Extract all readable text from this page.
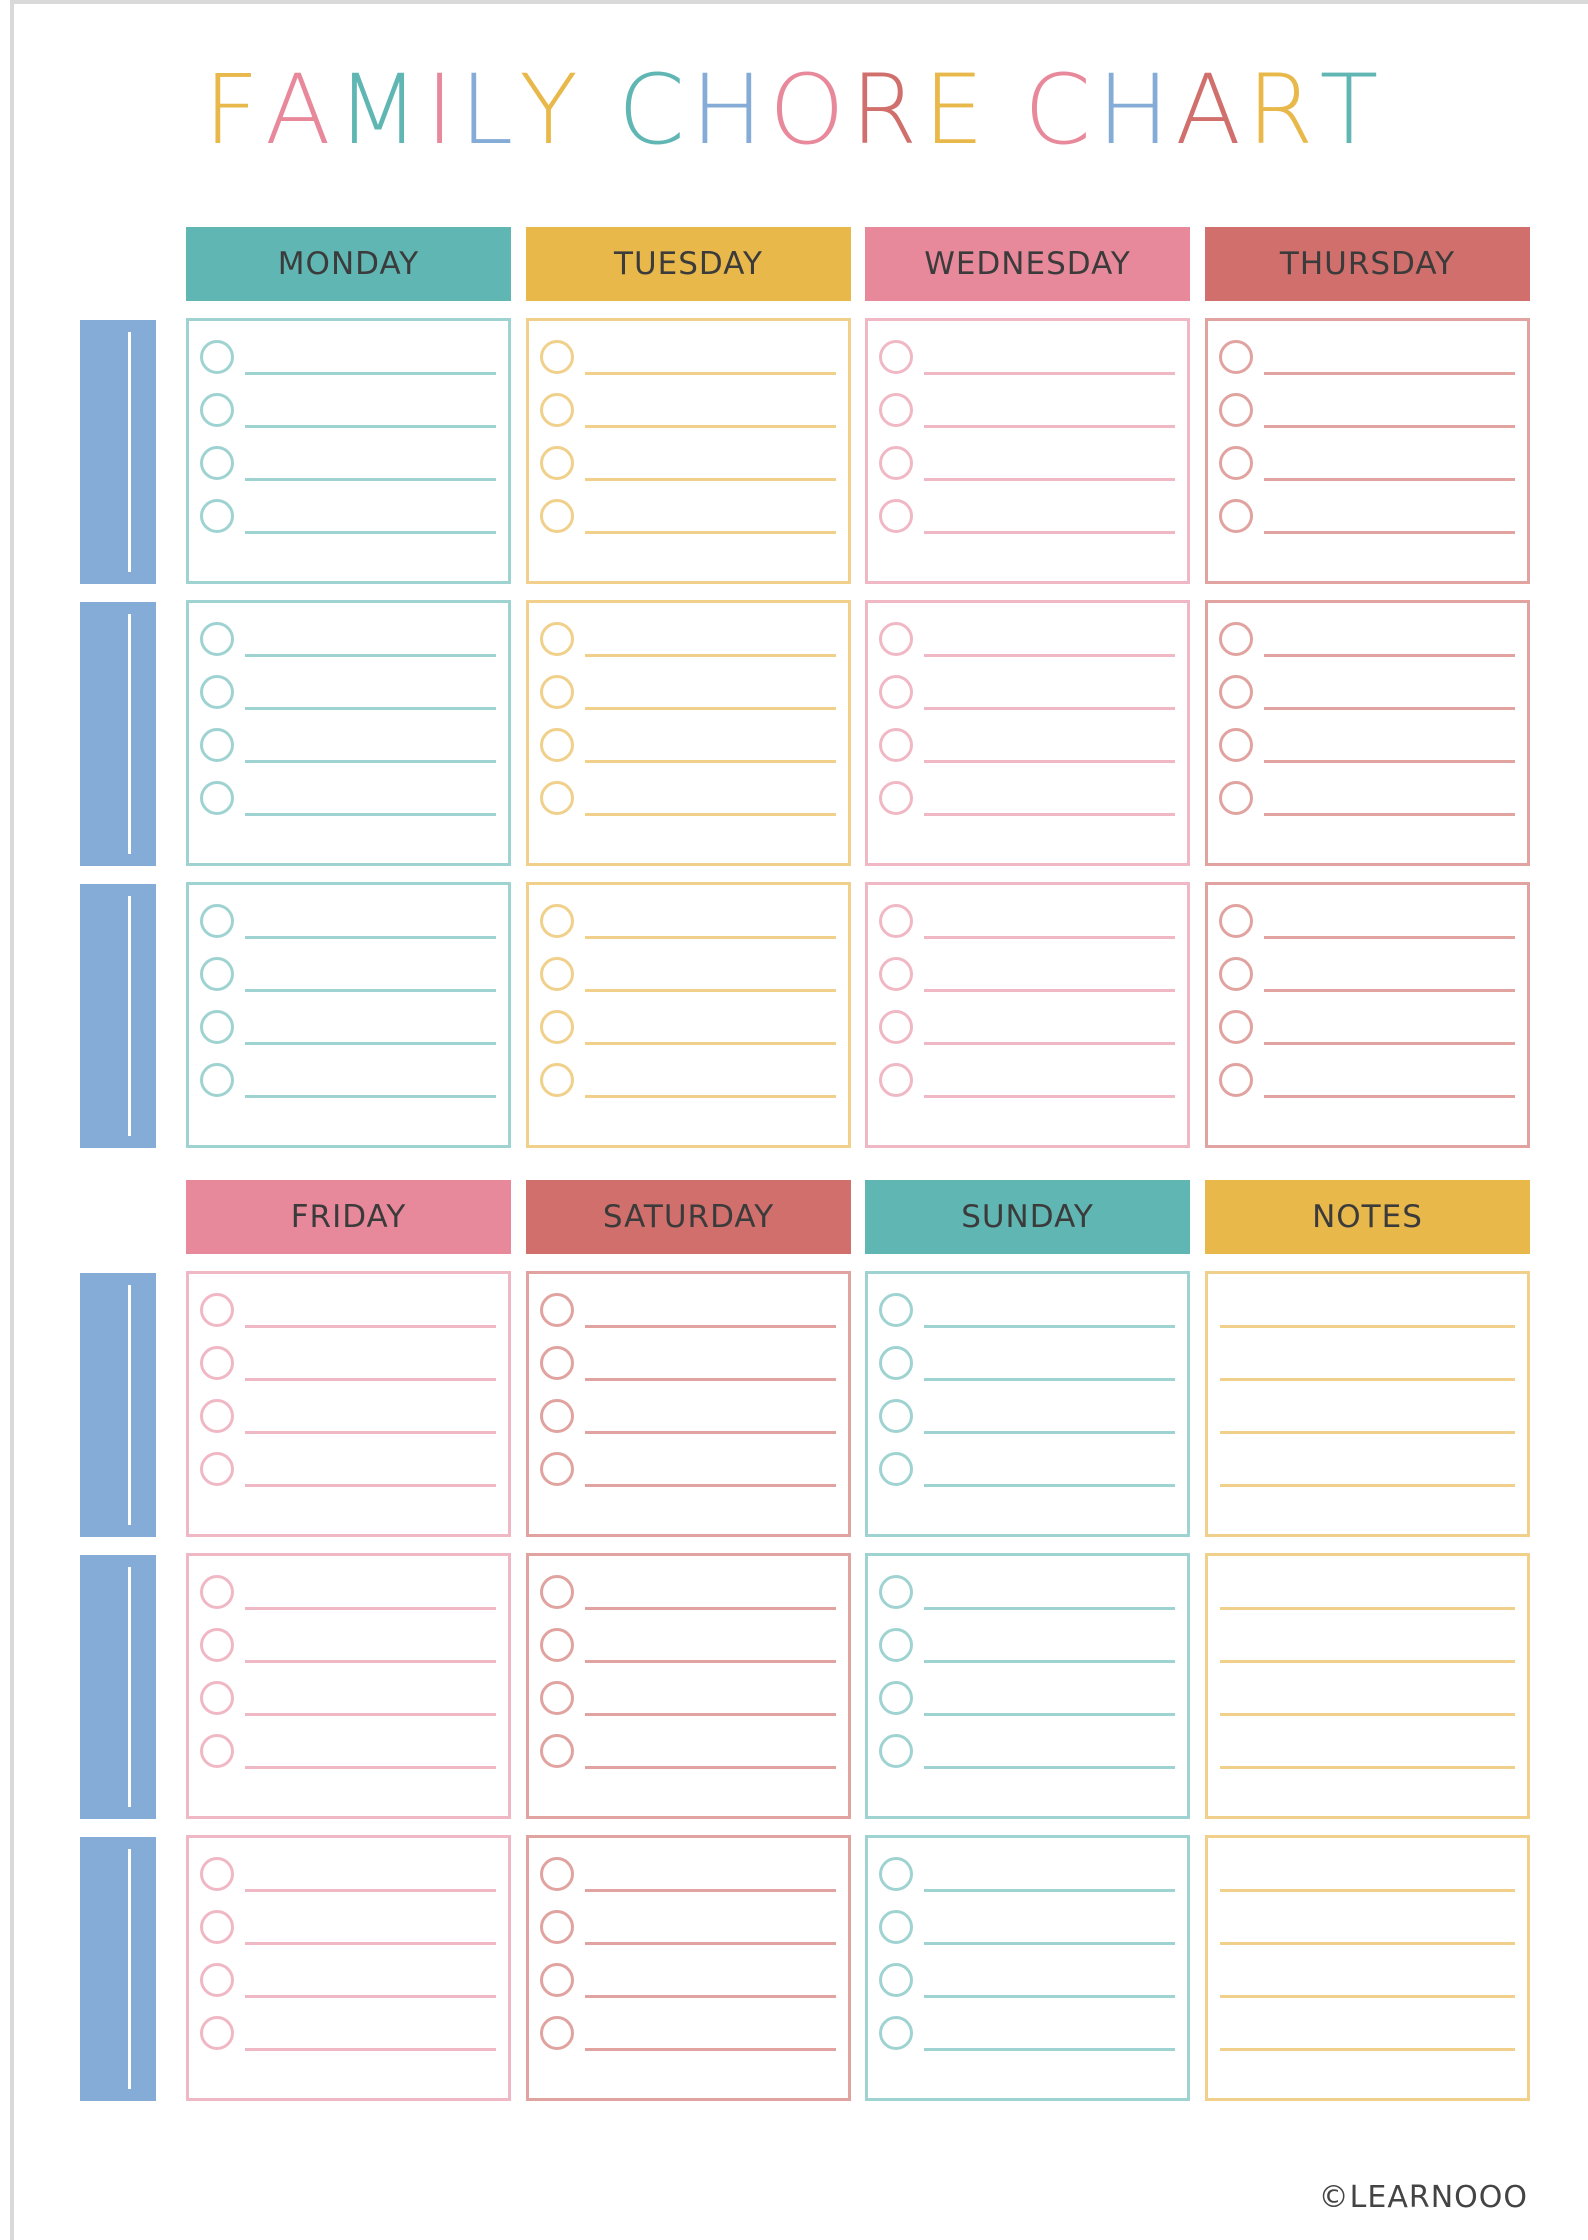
FAMILY CHORE CHART
MONDAY	TUESDAY	WEDNESDAY	THURSDAY
FRIDAY	SATURDAY	SUNDAY	NOTES
©LEARNOOO
